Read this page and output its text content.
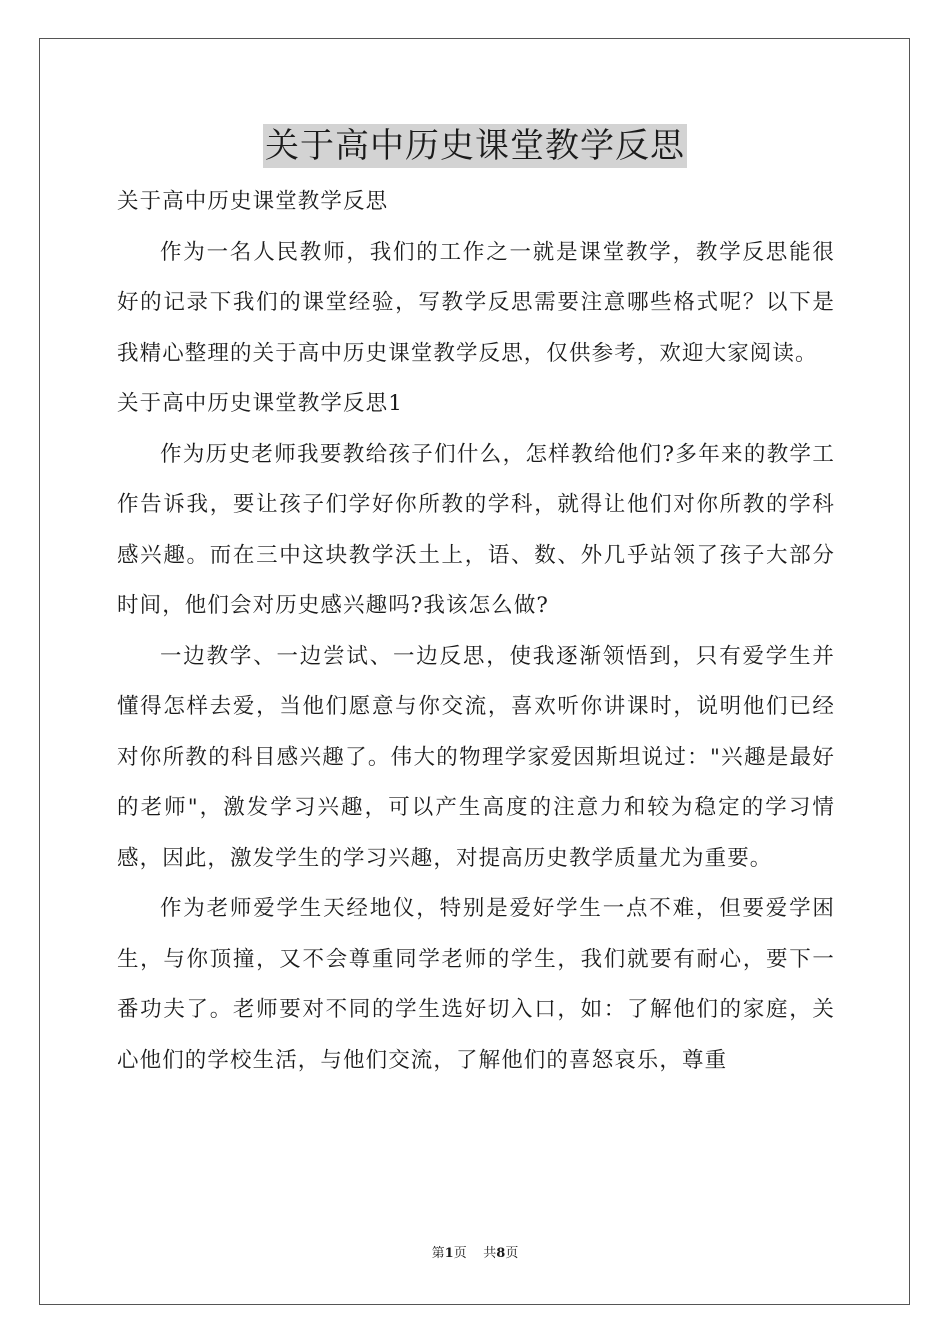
关于高中历史课堂教学反思

关于高中历史课堂教学反思

作为一名人民教师，我们的工作之一就是课堂教学，教学反思能很好的记录下我们的课堂经验，写教学反思需要注意哪些格式呢？以下是我精心整理的关于高中历史课堂教学反思，仅供参考，欢迎大家阅读。

关于高中历史课堂教学反思1

作为历史老师我要教给孩子们什么，怎样教给他们?多年来的教学工作告诉我，要让孩子们学好你所教的学科，就得让他们对你所教的学科感兴趣。而在三中这块教学沃土上，语、数、外几乎站领了孩子大部分时间，他们会对历史感兴趣吗?我该怎么做?

一边教学、一边尝试、一边反思，使我逐渐领悟到，只有爱学生并懂得怎样去爱，当他们愿意与你交流，喜欢听你讲课时，说明他们已经对你所教的科目感兴趣了。伟大的物理学家爱因斯坦说过："兴趣是最好的老师"，激发学习兴趣，可以产生高度的注意力和较为稳定的学习情感，因此，激发学生的学习兴趣，对提高历史教学质量尤为重要。

作为老师爱学生天经地仪，特别是爱好学生一点不难，但要爱学困生，与你顶撞，又不会尊重同学老师的学生，我们就要有耐心，要下一番功夫了。老师要对不同的学生选好切入口，如：了解他们的家庭，关心他们的学校生活，与他们交流，了解他们的喜怒哀乐，尊重

第1页 共8页
